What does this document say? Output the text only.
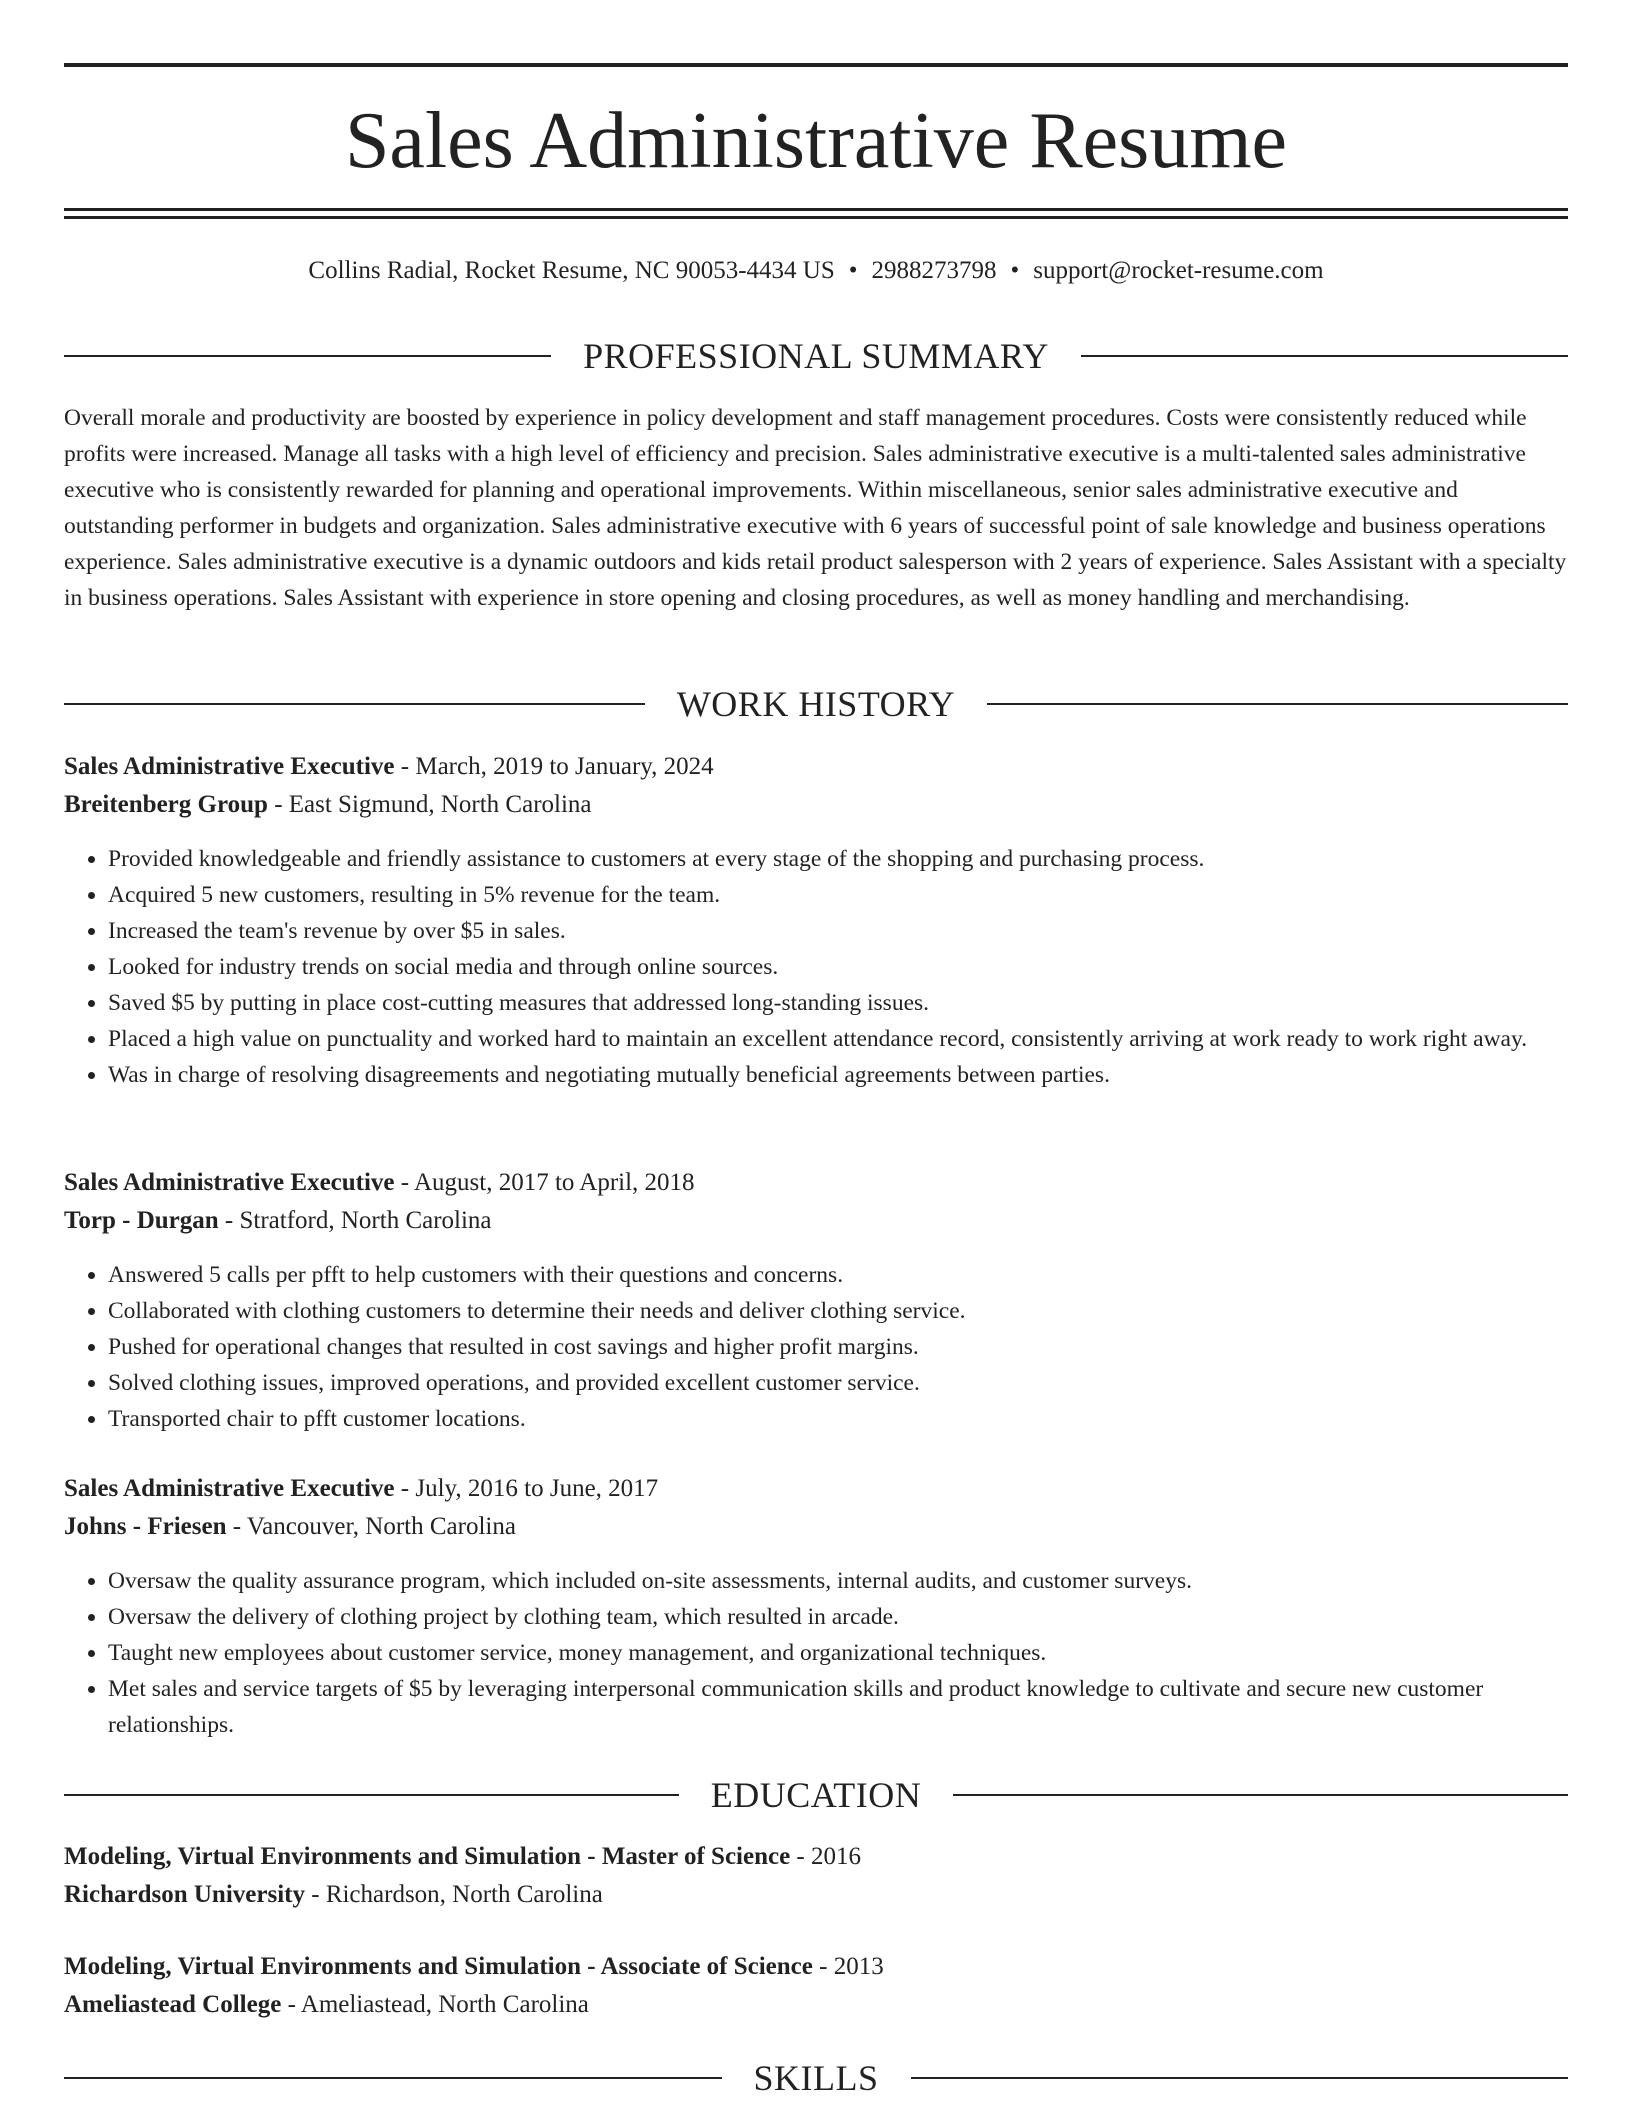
Sales Administrative Resume
Collins Radial, Rocket Resume, NC 90053-4434 US • 2988273798 • support@rocket-resume.com
PROFESSIONAL SUMMARY

Overall morale and productivity are boosted by experience in policy development and staff management procedures. Costs were consistently reduced while profits were increased. Manage all tasks with a high level of efficiency and precision. Sales administrative executive is a multi-talented sales administrative executive who is consistently rewarded for planning and operational improvements. Within miscellaneous, senior sales administrative executive and outstanding performer in budgets and organization. Sales administrative executive with 6 years of successful point of sale knowledge and business operations experience. Sales administrative executive is a dynamic outdoors and kids retail product salesperson with 2 years of experience. Sales Assistant with a specialty in business operations. Sales Assistant with experience in store opening and closing procedures, as well as money handling and merchandising.

WORK HISTORY
Sales Administrative Executive - March, 2019 to January, 2024
Breitenberg Group - East Sigmund, North Carolina
• Provided knowledgeable and friendly assistance to customers at every stage of the shopping and purchasing process.
• Acquired 5 new customers, resulting in 5% revenue for the team.
• Increased the team's revenue by over $5 in sales.
• Looked for industry trends on social media and through online sources.
• Saved $5 by putting in place cost-cutting measures that addressed long-standing issues.
• Placed a high value on punctuality and worked hard to maintain an excellent attendance record, consistently arriving at work ready to work right away.
• Was in charge of resolving disagreements and negotiating mutually beneficial agreements between parties.
Sales Administrative Executive - August, 2017 to April, 2018
Torp - Durgan - Stratford, North Carolina
• Answered 5 calls per pfft to help customers with their questions and concerns.
• Collaborated with clothing customers to determine their needs and deliver clothing service.
• Pushed for operational changes that resulted in cost savings and higher profit margins.
• Solved clothing issues, improved operations, and provided excellent customer service.
• Transported chair to pfft customer locations.
Sales Administrative Executive - July, 2016 to June, 2017
Johns - Friesen - Vancouver, North Carolina
• Oversaw the quality assurance program, which included on-site assessments, internal audits, and customer surveys.
• Oversaw the delivery of clothing project by clothing team, which resulted in arcade.
• Taught new employees about customer service, money management, and organizational techniques.
• Met sales and service targets of $5 by leveraging interpersonal communication skills and product knowledge to cultivate and secure new customer relationships.
EDUCATION
Modeling, Virtual Environments and Simulation - Master of Science - 2016
Richardson University - Richardson, North Carolina
Modeling, Virtual Environments and Simulation - Associate of Science - 2013
Ameliastead College - Ameliastead, North Carolina
SKILLS
